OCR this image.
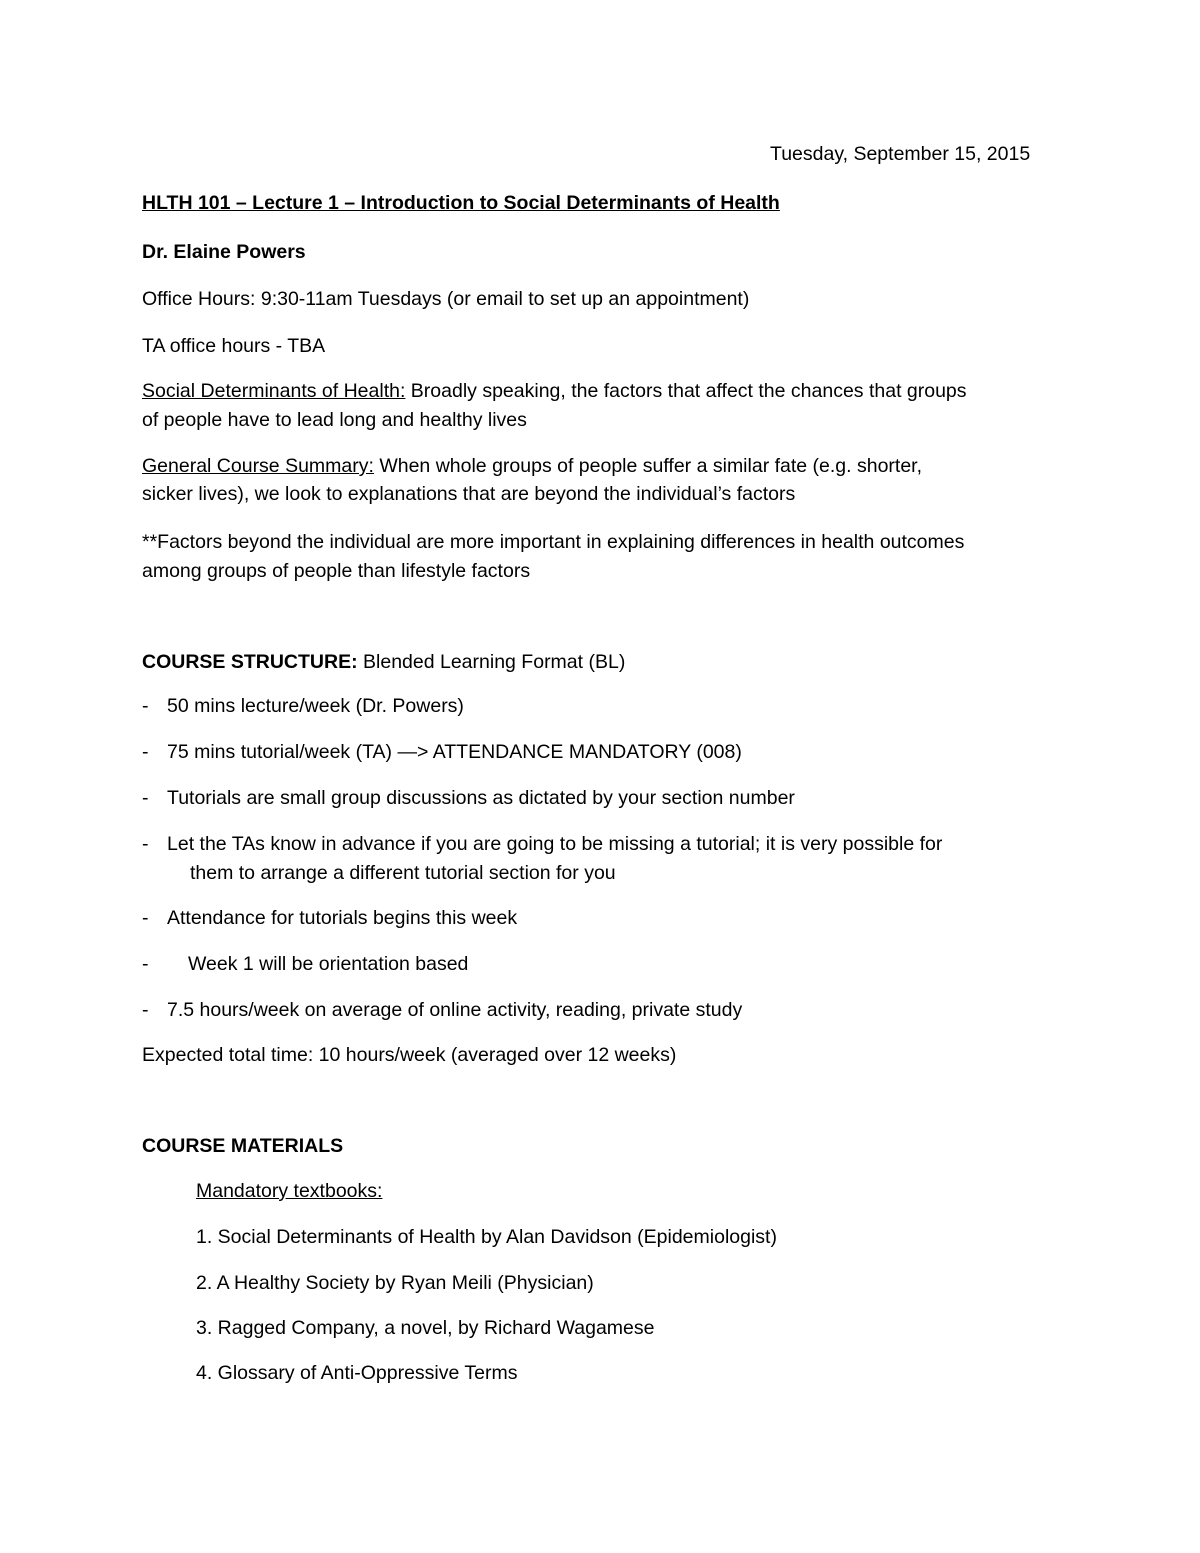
Tuesday, September 15, 2015
HLTH 101 – Lecture 1 – Introduction to Social Determinants of Health
Dr. Elaine Powers
Office Hours: 9:30-11am Tuesdays (or email to set up an appointment)
TA office hours - TBA
Social Determinants of Health: Broadly speaking, the factors that affect the chances that groups
of people have to lead long and healthy lives
General Course Summary: When whole groups of people suffer a similar fate (e.g. shorter,
sicker lives), we look to explanations that are beyond the individual’s factors
**Factors beyond the individual are more important in explaining differences in health outcomes
among groups of people than lifestyle factors
COURSE STRUCTURE: Blended Learning Format (BL)
- 50 mins lecture/week (Dr. Powers)
- 75 mins tutorial/week (TA) —> ATTENDANCE MANDATORY (008)
- Tutorials are small group discussions as dictated by your section number
- Let the TAs know in advance if you are going to be missing a tutorial; it is very possible for
them to arrange a different tutorial section for you
- Attendance for tutorials begins this week
- Week 1 will be orientation based
- 7.5 hours/week on average of online activity, reading, private study
Expected total time: 10 hours/week (averaged over 12 weeks)
COURSE MATERIALS
Mandatory textbooks:
1. Social Determinants of Health by Alan Davidson (Epidemiologist)
2. A Healthy Society by Ryan Meili (Physician)
3. Ragged Company, a novel, by Richard Wagamese
4. Glossary of Anti-Oppressive Terms
